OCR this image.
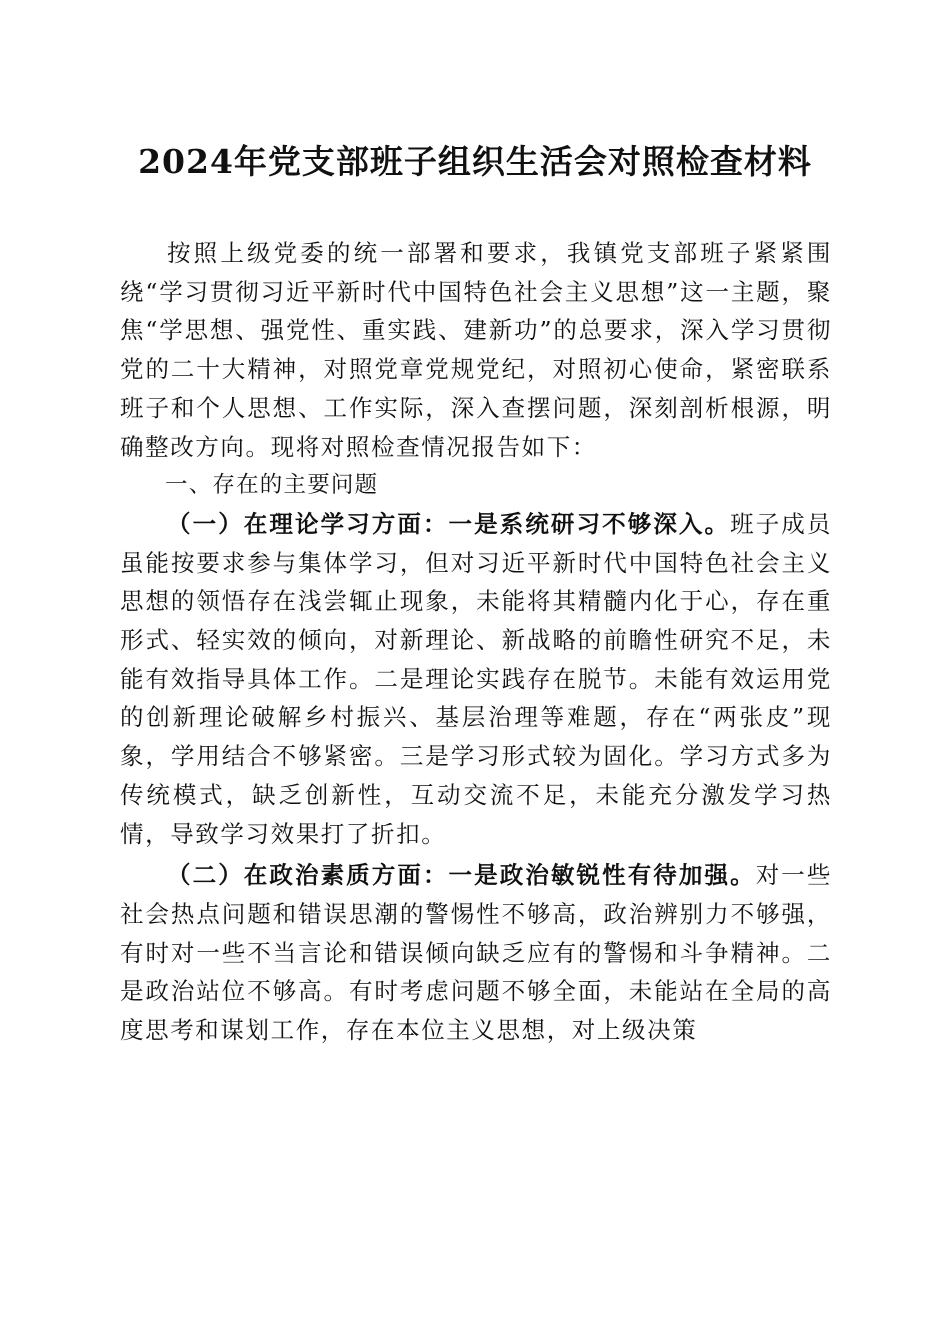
2024年党支部班子组织生活会对照检查材料

按照上级党委的统一部署和要求，我镇党支部班子紧紧围绕“学习贯彻习近平新时代中国特色社会主义思想”这一主题，聚焦“学思想、强党性、重实践、建新功”的总要求，深入学习贯彻党的二十大精神，对照党章党规党纪，对照初心使命，紧密联系班子和个人思想、工作实际，深入查摆问题，深刻剖析根源，明确整改方向。现将对照检查情况报告如下：

一、存在的主要问题

（一）在理论学习方面：一是系统研习不够深入。班子成员虽能按要求参与集体学习，但对习近平新时代中国特色社会主义思想的领悟存在浅尝辄止现象，未能将其精髓内化于心，存在重形式、轻实效的倾向，对新理论、新战略的前瞻性研究不足，未能有效指导具体工作。二是理论实践存在脱节。未能有效运用党的创新理论破解乡村振兴、基层治理等难题，存在“两张皮”现象，学用结合不够紧密。三是学习形式较为固化。学习方式多为传统模式，缺乏创新性，互动交流不足，未能充分激发学习热情，导致学习效果打了折扣。

（二）在政治素质方面：一是政治敏锐性有待加强。对一些社会热点问题和错误思潮的警惕性不够高，政治辨别力不够强，有时对一些不当言论和错误倾向缺乏应有的警惕和斗争精神。二是政治站位不够高。有时考虑问题不够全面，未能站在全局的高度思考和谋划工作，存在本位主义思想，对上级决策
